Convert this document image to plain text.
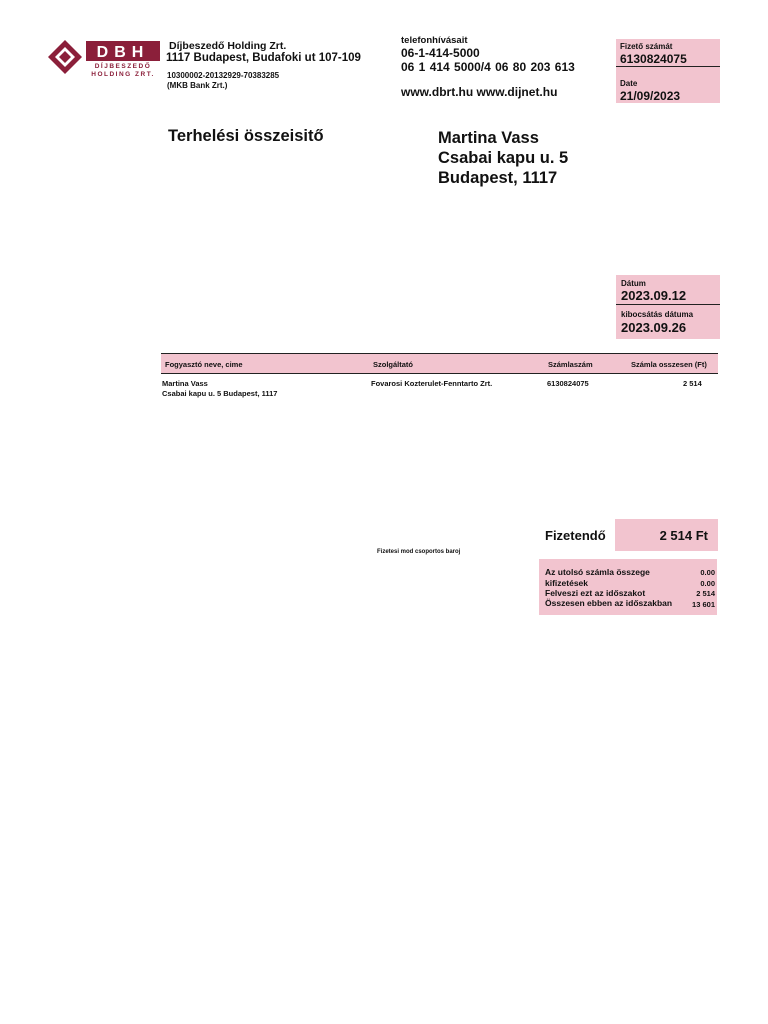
DBH
DÍJBESZEDŐ
HOLDING ZRT.
Díjbeszedő Holding Zrt.
1117 Budapest, Budafoki ut 107-109
10300002-20132929-70383285
(MKB Bank Zrt.)
telefonhívásait
06-1-414-5000
06 1 414 5000/4 06 80 203 613
www.dbrt.hu www.dijnet.hu
Fizető számát
6130824075
Date
21/09/2023
Terhelési összeisitő	Martina Vass
Csabai kapu u. 5
Budapest, 1117
Dátum
2023.09.12
kibocsátás dátuma
2023.09.26
Fogyasztó neve, cime	Szolgáltató	Számlaszám	Számla osszesen (Ft)
Martina Vass
Csabai kapu u. 5 Budapest, 1117
Fovarosi Kozterulet-Fenntarto Zrt.	6130824075	2 514
Fizetendő	2 514 Ft
Fizetesi mod csoportos baroj
Az utolsó számla összege	0.00
kifizetések	0.00
Felveszi ezt az időszakot	2 514
Összesen ebben az időszakban	13 601
